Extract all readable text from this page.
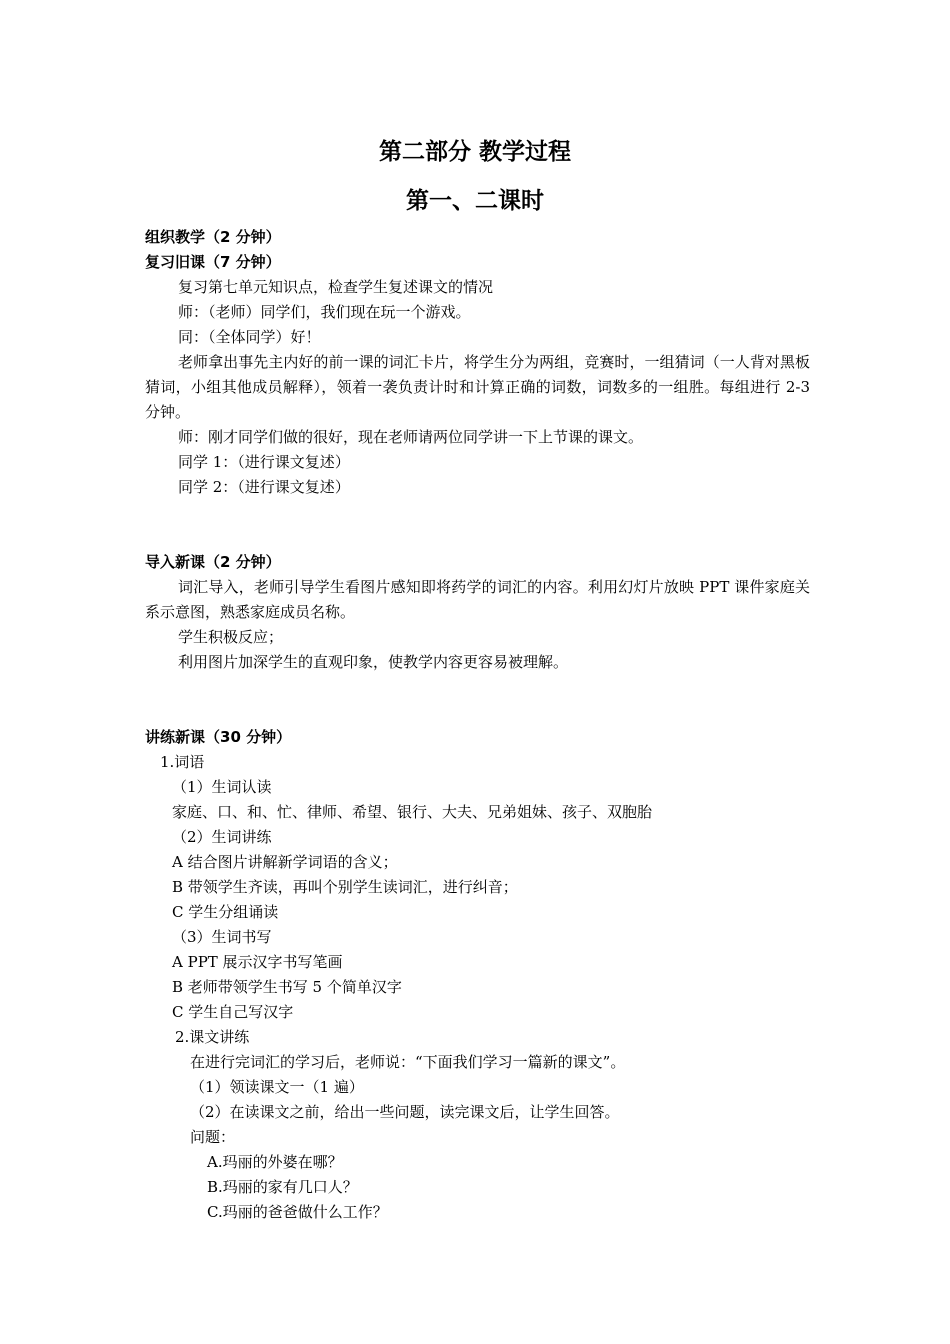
第二部分 教学过程
第一、二课时

组织教学（2 分钟）

复习旧课（7 分钟）

复习第七单元知识点，检查学生复述课文的情况

师：（老师）同学们，我们现在玩一个游戏。

同：（全体同学）好！

老师拿出事先主内好的前一课的词汇卡片，将学生分为两组，竞赛时，一组猜词（一人背对黑板猜词，小组其他成员解释），领着一袭负责计时和计算正确的词数，词数多的一组胜。每组进行 2-3 分钟。

师：刚才同学们做的很好，现在老师请两位同学讲一下上节课的课文。

同学 1：（进行课文复述）

同学 2：（进行课文复述）

导入新课（2 分钟）

词汇导入，老师引导学生看图片感知即将药学的词汇的内容。利用幻灯片放映 PPT 课件家庭关系示意图，熟悉家庭成员名称。

学生积极反应；

利用图片加深学生的直观印象，使教学内容更容易被理解。

讲练新课（30 分钟）

1.词语

（1）生词认读

家庭、口、和、忙、律师、希望、银行、大夫、兄弟姐妹、孩子、双胞胎

（2）生词讲练

A 结合图片讲解新学词语的含义；

B 带领学生齐读，再叫个别学生读词汇，进行纠音；

C 学生分组诵读

（3）生词书写

A PPT 展示汉字书写笔画

B 老师带领学生书写 5 个简单汉字

C 学生自己写汉字

2.课文讲练

在进行完词汇的学习后，老师说：“下面我们学习一篇新的课文”。

（1）领读课文一（1 遍）

（2）在读课文之前，给出一些问题，读完课文后，让学生回答。

问题：

A.玛丽的外婆在哪？

B.玛丽的家有几口人？

C.玛丽的爸爸做什么工作？
